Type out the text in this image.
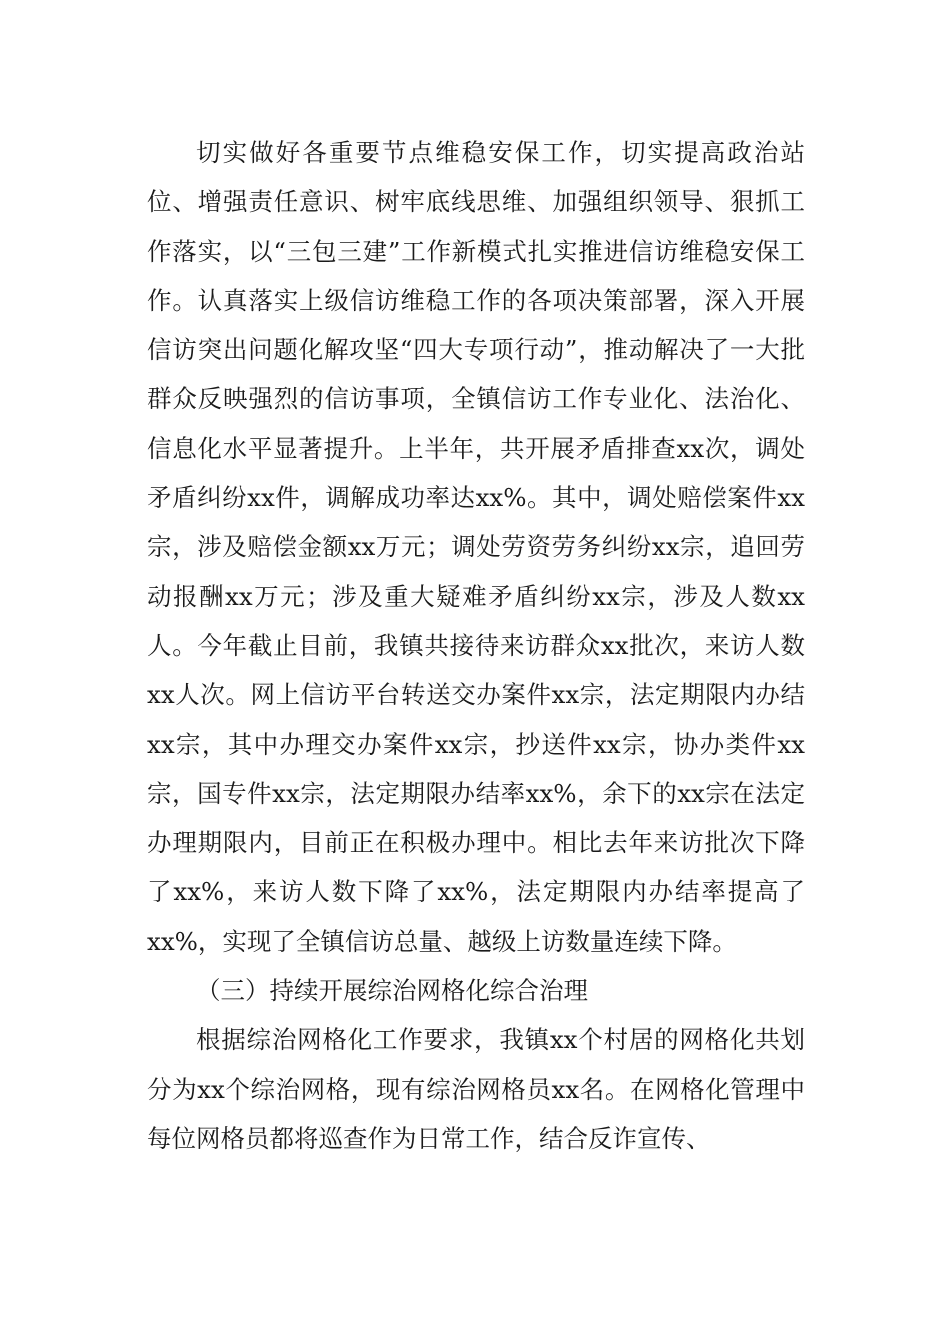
切实做好各重要节点维稳安保工作，切实提高政治站位、增强责任意识、树牢底线思维、加强组织领导、狠抓工作落实，以“三包三建”工作新模式扎实推进信访维稳安保工作。认真落实上级信访维稳工作的各项决策部署，深入开展信访突出问题化解攻坚“四大专项行动”，推动解决了一大批群众反映强烈的信访事项，全镇信访工作专业化、法治化、信息化水平显著提升。上半年，共开展矛盾排查xx次，调处矛盾纠纷xx件，调解成功率达xx%。其中，调处赔偿案件xx宗，涉及赔偿金额xx万元；调处劳资劳务纠纷xx宗，追回劳动报酬xx万元；涉及重大疑难矛盾纠纷xx宗，涉及人数xx人。今年截止目前，我镇共接待来访群众xx批次，来访人数xx人次。网上信访平台转送交办案件xx宗，法定期限内办结xx宗，其中办理交办案件xx宗，抄送件xx宗，协办类件xx宗，国专件xx宗，法定期限办结率xx%，余下的xx宗在法定办理期限内，目前正在积极办理中。相比去年来访批次下降了xx%，来访人数下降了xx%，法定期限内办结率提高了xx%，实现了全镇信访总量、越级上访数量连续下降。

（三）持续开展综治网格化综合治理

根据综治网格化工作要求，我镇xx个村居的网格化共划分为xx个综治网格，现有综治网格员xx名。在网格化管理中每位网格员都将巡查作为日常工作，结合反诈宣传、
